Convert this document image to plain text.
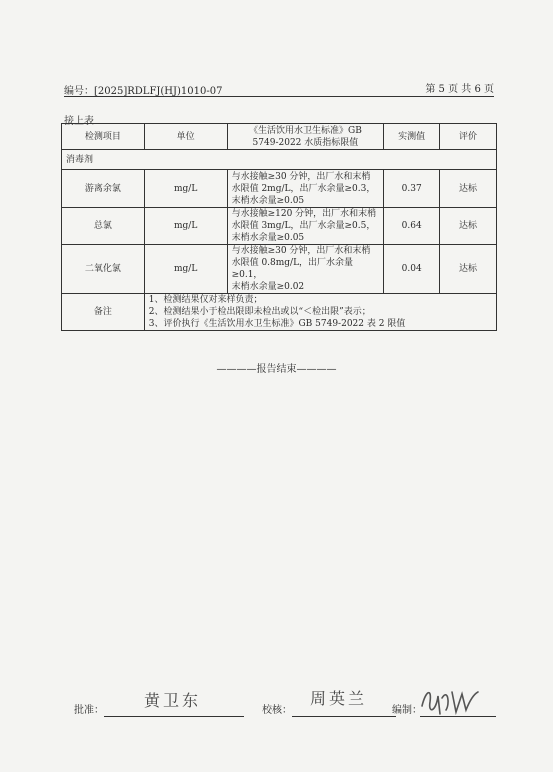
编号：[2025]RDLFJ(HJ)1010-07	第 5 页 共 6 页
接上表
检测项目	单位	《生活饮用水卫生标准》GB
5749-2022 水质指标限值	实测值	评价
消毒剂				
游离余氯	mg/L	与水接触≥30 分钟，出厂水和末梢
水限值 2mg/L，出厂水余量≥0.3，
末梢水余量≥0.05	0.37	达标
总氯	mg/L	与水接触≥120 分钟，出厂水和末梢
水限值 3mg/L，出厂水余量≥0.5，
末梢水余量≥0.05	0.64	达标
二氧化氯	mg/L	与水接触≥30 分钟，出厂水和末梢
水限值 0.8mg/L，出厂水余量≥0.1，
末梢水余量≥0.02	0.04	达标
备注	1、检测结果仅对来样负责；
2、检测结果小于检出限即未检出或以“＜检出限”表示；
3、评价执行《生活饮用水卫生标准》GB 5749-2022 表 2 限值			
————报告结束————
批准：
黄卫东
校核：
周英兰
编制：
